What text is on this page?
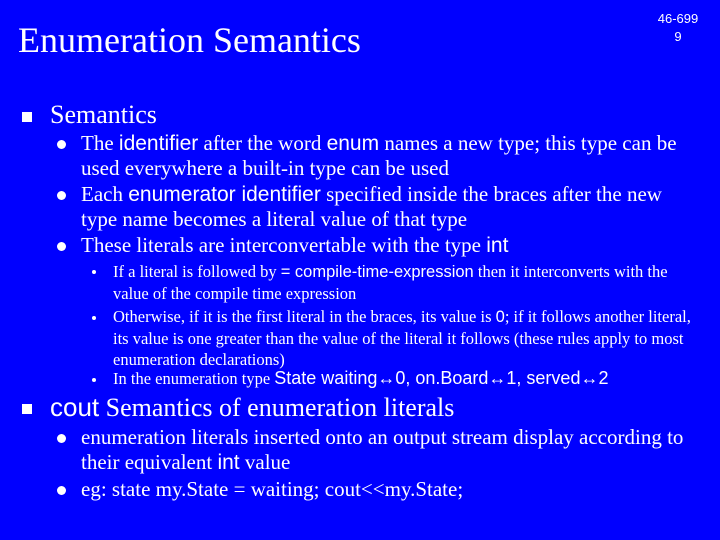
Enumeration Semantics
46-699
9
Semantics
The identifier after the word enum names a new type; this type can be used everywhere a built-in type can be used
Each enumerator identifier specified inside the braces after the new type name becomes a literal value of that type
These literals are interconvertable with the type int
If a literal is followed by = compile-time-expression then it interconverts with the value of the compile time expression
Otherwise, if it is the first literal in the braces, its value is 0; if it follows another literal, its value is one greater than the value of the literal it follows (these rules apply to most enumeration declarations)
In the enumeration type State waiting↔0, on.Board↔1, served↔2
cout Semantics of enumeration literals
enumeration literals inserted onto an output stream display according to their equivalent int value
eg: state my.State = waiting; cout<<my.State;
